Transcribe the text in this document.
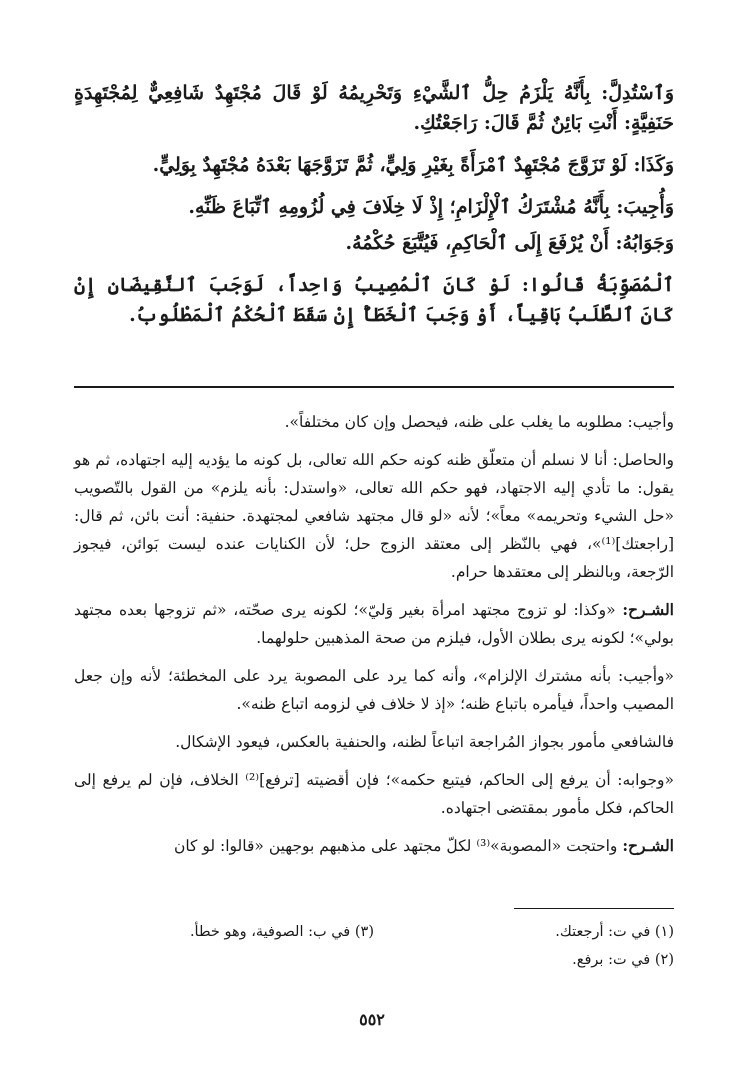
وَٱسْتُدِلَّ: بِأَنَّهُ يَلْزَمُ حِلُّ ٱلشَّيْءِ وَتَحْرِيمُهُ لَوْ قَالَ مُجْتَهِدٌ شَافِعِيٌّ لِمُجْتَهِدَةٍ حَنَفِيَّةٍ: أَنْتِ بَائِنٌ ثُمَّ قَالَ: رَاجَعْتُكِ.

وَكَذَا: لَوْ تَزَوَّجَ مُجْتَهِدٌ ٱمْرَأَةً بِغَيْرِ وَلِيٍّ، ثُمَّ تَزَوَّجَهَا بَعْدَهُ مُجْتَهِدٌ بِوَلِيٍّ.

وَأُجِيبَ: بِأَنَّهُ مُشْتَرَكُ ٱلْإِلْزَامِ؛ إِذْ لَا خِلَافَ فِي لُزُومِهِ ٱتِّبَاعَ ظَنِّهِ.

وَجَوَابُهُ: أَنْ يُرْفَعَ إِلَى ٱلْحَاكِمِ، فَيُتَّبَعَ حُكْمُهُ.

ٱلْمُصَوِّبَةُ قَالُوا: لَوْ كَانَ ٱلْمُصِيبُ وَاحِداً، لَوَجَبَ ٱلنَّقِيضَانِ إِنْ كَانَ ٱلطَّلَبُ بَاقِياً، أَوْ وَجَبَ ٱلْخَطَأُ إِنْ سَقَطَ ٱلْحُكْمُ ٱلْمَطْلُوبُ.

وأجيب: مطلوبه ما يغلب على ظنه، فيحصل وإن كان مختلفاً».

والحاصل: أنا لا نسلم أن متعلّق ظنه كونه حكم الله تعالى، بل كونه ما يؤديه إليه اجتهاده، ثم هو يقول: ما تأدي إليه الاجتهاد، فهو حكم الله تعالى، «واستدل: بأنه يلزم» من القول بالتّصويب «حل الشيء وتحريمه» معاً»؛ لأنه «لو قال مجتهد شافعي لمجتهدة. حنفية: أنت بائن، ثم قال: [راجعتك]⁽¹⁾»، فهي بالنّظر إلى معتقد الزوج حل؛ لأن الكنايات عنده ليست بَوائن، فيجوز الرّجعة، وبالنظر إلى معتقدها حرام.

الشـرح: «وكذا: لو تزوج مجتهد امرأة بغير وَليّ»؛ لكونه يرى صحّته، «ثم تزوجها بعده مجتهد بولي»؛ لكونه يرى بطلان الأول، فيلزم من صحة المذهبين حلولهما.

«وأجيب: بأنه مشترك الإلزام»، وأنه كما يرد على المصوبة يرد على المخطئة؛ لأنه وإن جعل المصيب واحداً، فيأمره باتباع ظنه؛ «إذ لا خلاف في لزومه اتباع ظنه».

فالشافعي مأمور بجواز المُراجعة اتباعاً لظنه، والحنفية بالعكس، فيعود الإشكال.

«وجوابه: أن يرفع إلى الحاكم، فيتبع حكمه»؛ فإن أقضيته [ترفع]⁽²⁾ الخلاف، فإن لم يرفع إلى الحاكم، فكل مأمور بمقتضى اجتهاده.

الشـرح: واحتجت «المصوبة»⁽³⁾ لكلّ مجتهد على مذهبهم بوجهين «قالوا: لو كان

(١) في ت: أرجعتك.
(٣) في ب: الصوفية، وهو خطأ.
(٢) في ت: برفع.
٥٥٢
